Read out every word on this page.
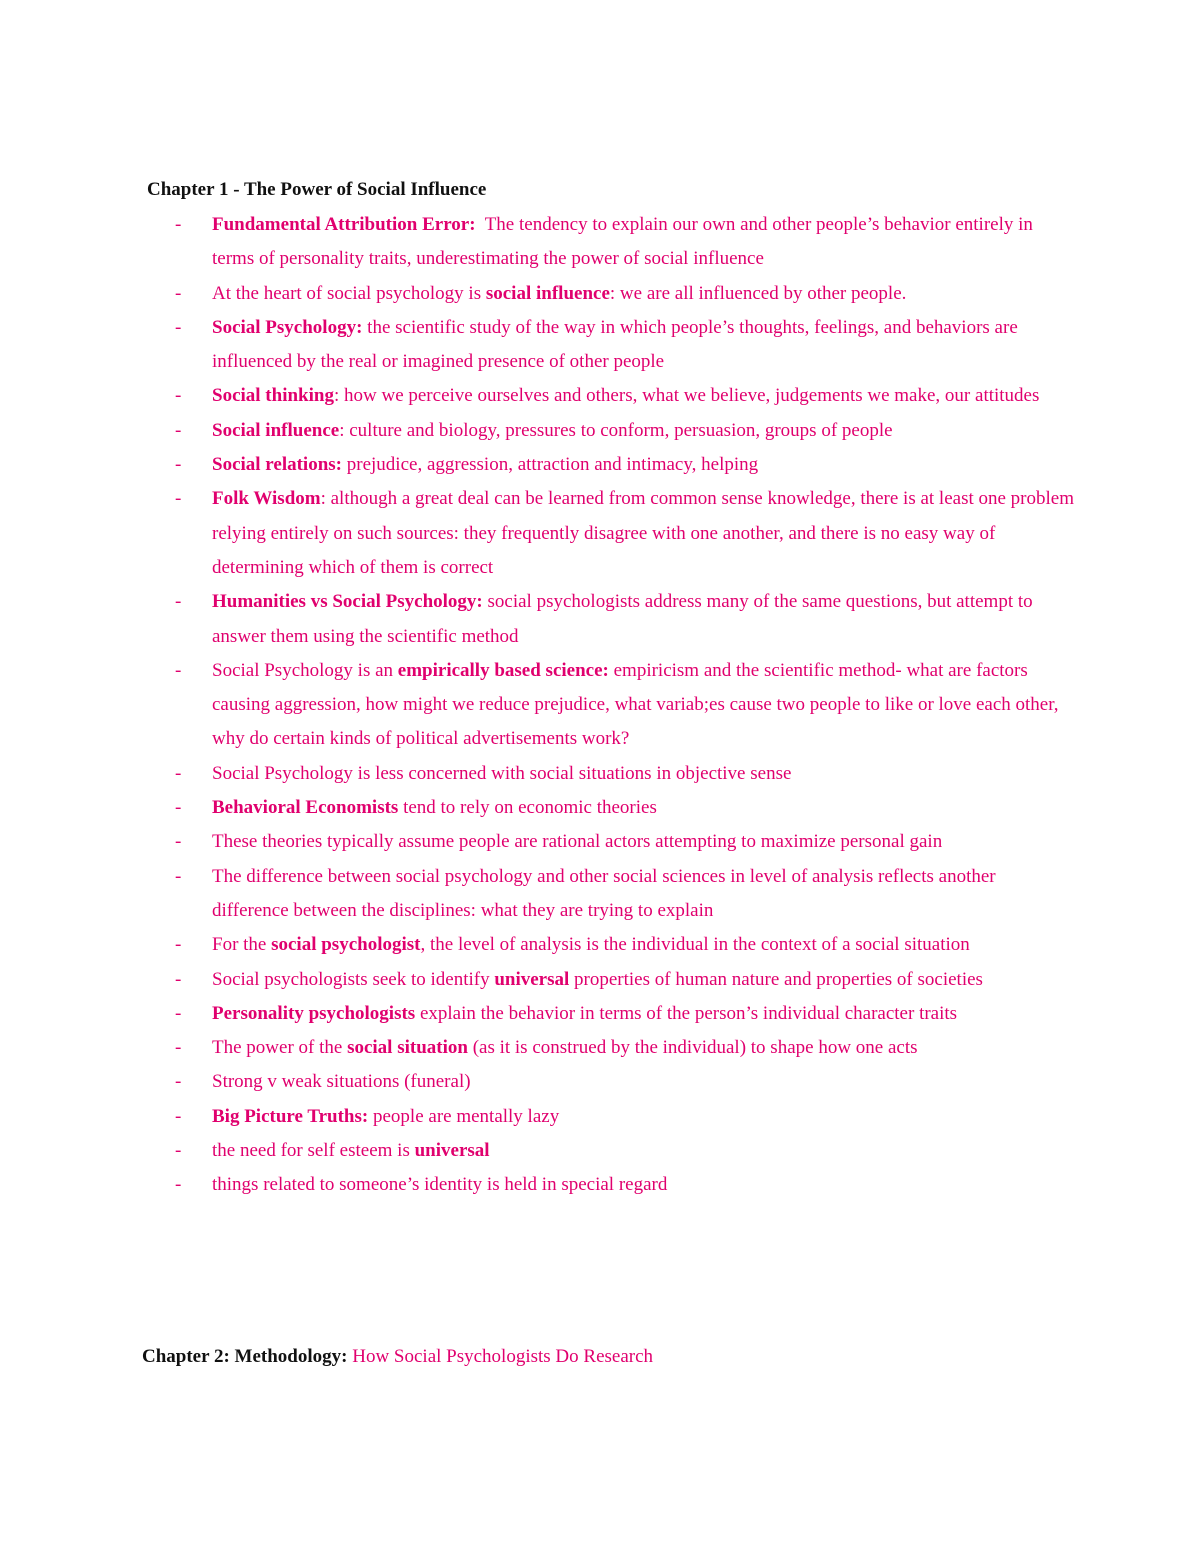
Chapter 1 - The Power of Social Influence
- Fundamental Attribution Error:  The tendency to explain our own and other people’s behavior entirely in terms of personality traits, underestimating the power of social influence
- At the heart of social psychology is social influence: we are all influenced by other people.
- Social Psychology: the scientific study of the way in which people’s thoughts, feelings, and behaviors are influenced by the real or imagined presence of other people
- Social thinking: how we perceive ourselves and others, what we believe, judgements we make, our attitudes
- Social influence: culture and biology, pressures to conform, persuasion, groups of people
- Social relations: prejudice, aggression, attraction and intimacy, helping
- Folk Wisdom: although a great deal can be learned from common sense knowledge, there is at least one problem relying entirely on such sources: they frequently disagree with one another, and there is no easy way of determining which of them is correct
- Humanities vs Social Psychology: social psychologists address many of the same questions, but attempt to answer them using the scientific method
- Social Psychology is an empirically based science: empiricism and the scientific method- what are factors causing aggression, how might we reduce prejudice, what variab;es cause two people to like or love each other, why do certain kinds of political advertisements work?
- Social Psychology is less concerned with social situations in objective sense
- Behavioral Economists tend to rely on economic theories
- These theories typically assume people are rational actors attempting to maximize personal gain
- The difference between social psychology and other social sciences in level of analysis reflects another difference between the disciplines: what they are trying to explain
- For the social psychologist, the level of analysis is the individual in the context of a social situation
- Social psychologists seek to identify universal properties of human nature and properties of societies
- Personality psychologists explain the behavior in terms of the person’s individual character traits
- The power of the social situation (as it is construed by the individual) to shape how one acts
- Strong v weak situations (funeral)
- Big Picture Truths: people are mentally lazy
- the need for self esteem is universal
- things related to someone’s identity is held in special regard
Chapter 2: Methodology: How Social Psychologists Do Research
